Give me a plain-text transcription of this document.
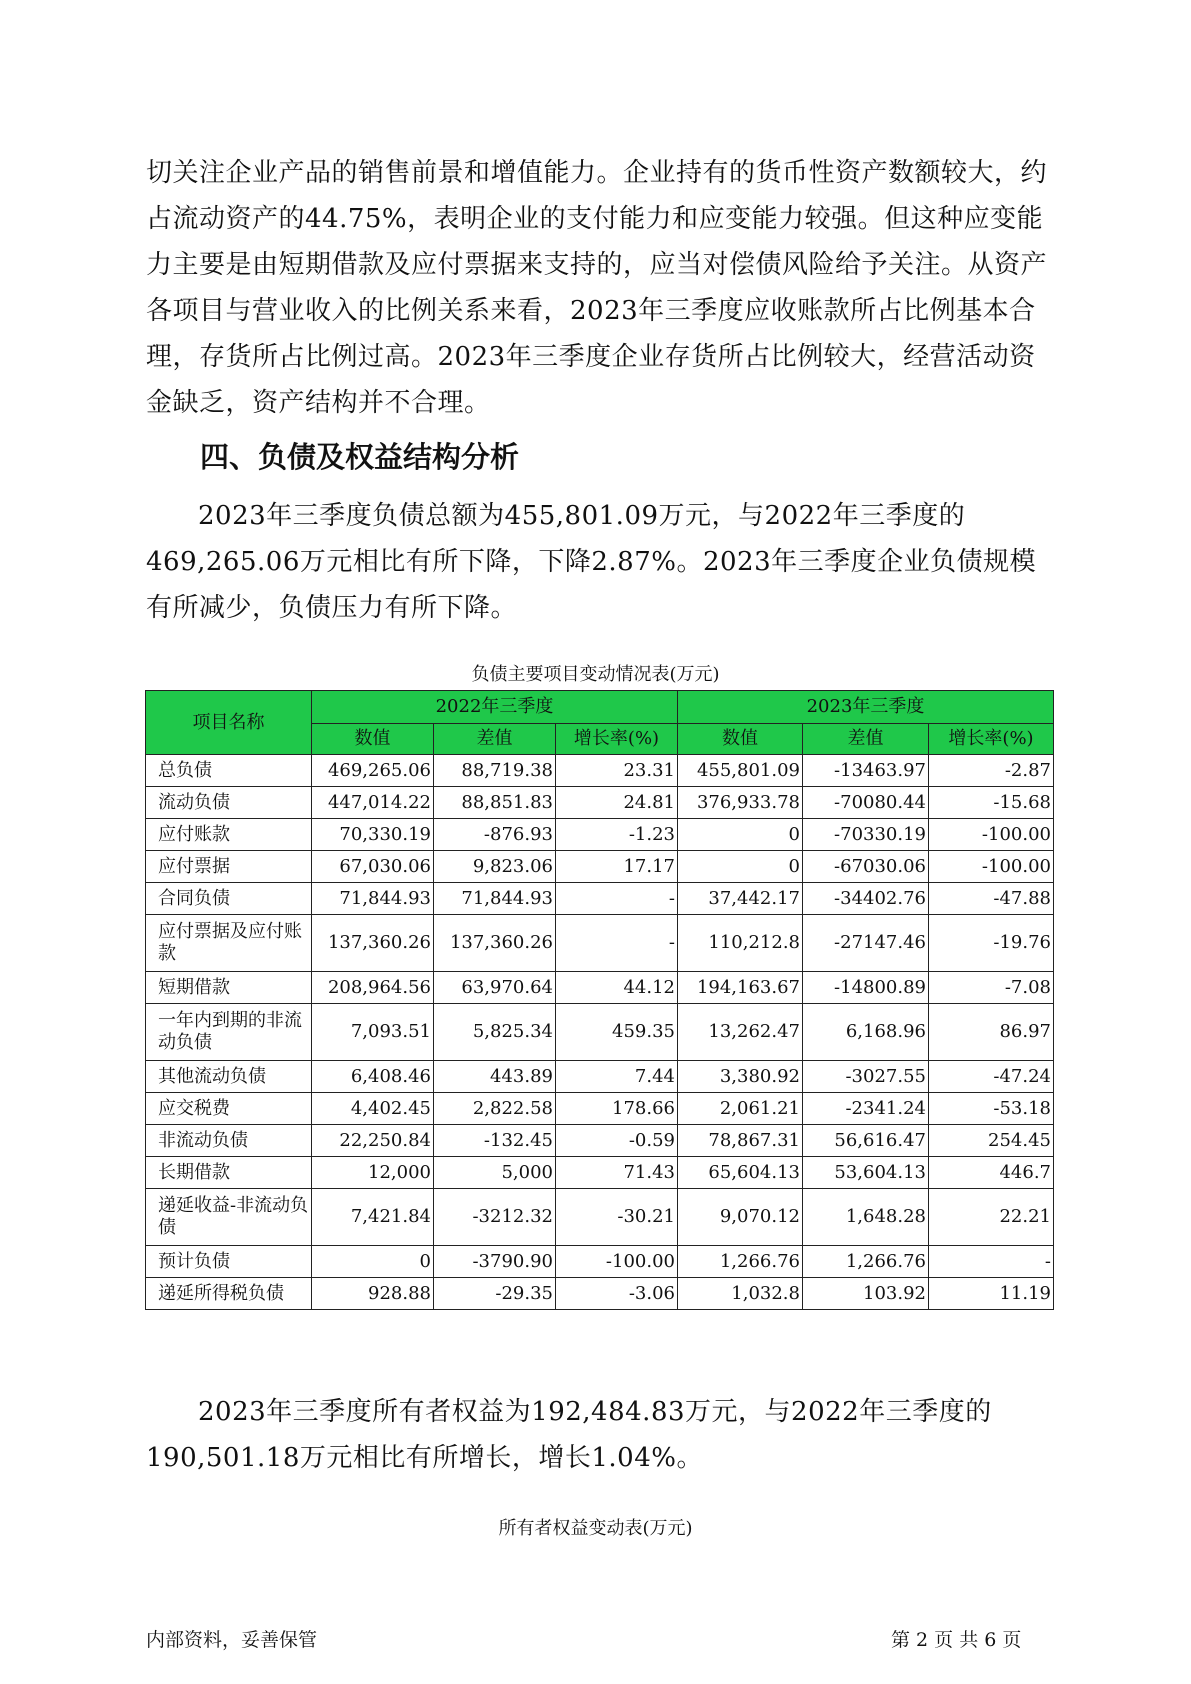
切关注企业产品的销售前景和增值能力。企业持有的货币性资产数额较大，约占流动资产的44.75%，表明企业的支付能力和应变能力较强。但这种应变能力主要是由短期借款及应付票据来支持的，应当对偿债风险给予关注。从资产各项目与营业收入的比例关系来看，2023年三季度应收账款所占比例基本合理，存货所占比例过高。2023年三季度企业存货所占比例较大，经营活动资金缺乏，资产结构并不合理。

四、负债及权益结构分析

2023年三季度负债总额为455,801.09万元，与2022年三季度的469,265.06万元相比有所下降，下降2.87%。2023年三季度企业负债规模有所减少，负债压力有所下降。

负债主要项目变动情况表(万元)
项目名称	2022年三季度			2023年三季度		
	数值	差值	增长率(%)	数值	差值	增长率(%)
总负债	469,265.06	88,719.38	23.31	455,801.09	-13463.97	-2.87
流动负债	447,014.22	88,851.83	24.81	376,933.78	-70080.44	-15.68
应付账款	70,330.19	-876.93	-1.23	0	-70330.19	-100.00
应付票据	67,030.06	9,823.06	17.17	0	-67030.06	-100.00
合同负债	71,844.93	71,844.93	-	37,442.17	-34402.76	-47.88
应付票据及应付账款	137,360.26	137,360.26	-	110,212.8	-27147.46	-19.76
短期借款	208,964.56	63,970.64	44.12	194,163.67	-14800.89	-7.08
一年内到期的非流动负债	7,093.51	5,825.34	459.35	13,262.47	6,168.96	86.97
其他流动负债	6,408.46	443.89	7.44	3,380.92	-3027.55	-47.24
应交税费	4,402.45	2,822.58	178.66	2,061.21	-2341.24	-53.18
非流动负债	22,250.84	-132.45	-0.59	78,867.31	56,616.47	254.45
长期借款	12,000	5,000	71.43	65,604.13	53,604.13	446.7
递延收益-非流动负债	7,421.84	-3212.32	-30.21	9,070.12	1,648.28	22.21
预计负债	0	-3790.90	-100.00	1,266.76	1,266.76	-
递延所得税负债	928.88	-29.35	-3.06	1,032.8	103.92	11.19

2023年三季度所有者权益为192,484.83万元，与2022年三季度的190,501.18万元相比有所增长，增长1.04%。

所有者权益变动表(万元)
内部资料，妥善保管	第 2 页 共 6 页
